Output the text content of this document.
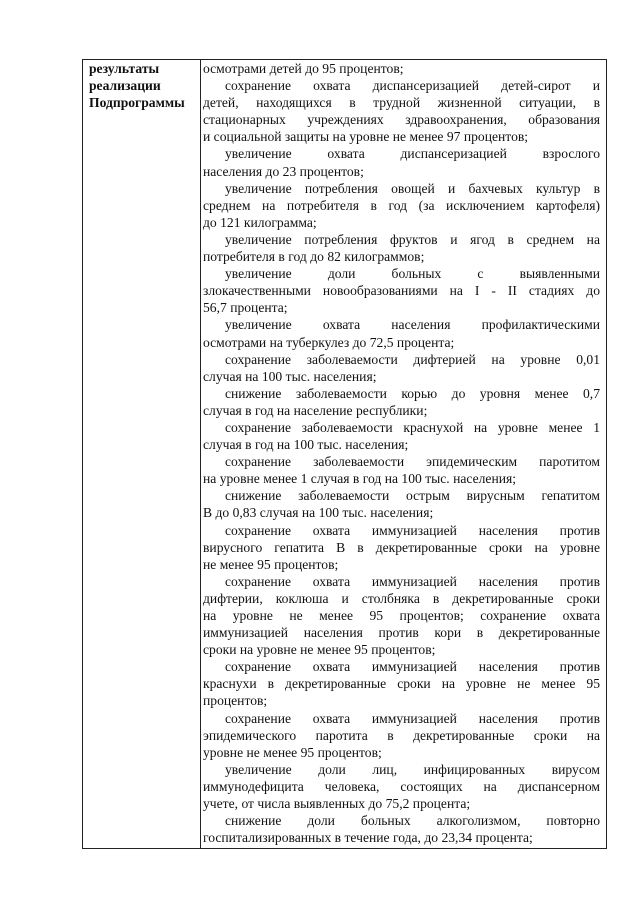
результаты
реализации
Подпрограммы
осмотрами детей до 95 процентов;
сохранение охвата диспансеризацией детей-сирот и
детей, находящихся в трудной жизненной ситуации, в
стационарных учреждениях здравоохранения, образования
и социальной защиты на уровне не менее 97 процентов;
увеличение охвата диспансеризацией взрослого
населения до 23 процентов;
увеличение потребления овощей и бахчевых культур в
среднем на потребителя в год (за исключением картофеля)
до 121 килограмма;
увеличение потребления фруктов и ягод в среднем на
потребителя в год до 82 килограммов;
увеличение доли больных с выявленными
злокачественными новообразованиями на I - II стадиях до
56,7 процента;
увеличение охвата населения профилактическими
осмотрами на туберкулез до 72,5 процента;
сохранение заболеваемости дифтерией на уровне 0,01
случая на 100 тыс. населения;
снижение заболеваемости корью до уровня менее 0,7
случая в год на население республики;
сохранение заболеваемости краснухой на уровне менее 1
случая в год на 100 тыс. населения;
сохранение заболеваемости эпидемическим паротитом
на уровне менее 1 случая в год на 100 тыс. населения;
снижение заболеваемости острым вирусным гепатитом
В до 0,83 случая на 100 тыс. населения;
сохранение охвата иммунизацией населения против
вирусного гепатита В в декретированные сроки на уровне
не менее 95 процентов;
сохранение охвата иммунизацией населения против
дифтерии, коклюша и столбняка в декретированные сроки
на уровне не менее 95 процентов; сохранение охвата
иммунизацией населения против кори в декретированные
сроки на уровне не менее 95 процентов;
сохранение охвата иммунизацией населения против
краснухи в декретированные сроки на уровне не менее 95
процентов;
сохранение охвата иммунизацией населения против
эпидемического паротита в декретированные сроки на
уровне не менее 95 процентов;
увеличение доли лиц, инфицированных вирусом
иммунодефицита человека, состоящих на диспансерном
учете, от числа выявленных до 75,2 процента;
снижение доли больных алкоголизмом, повторно
госпитализированных в течение года, до 23,34 процента;
